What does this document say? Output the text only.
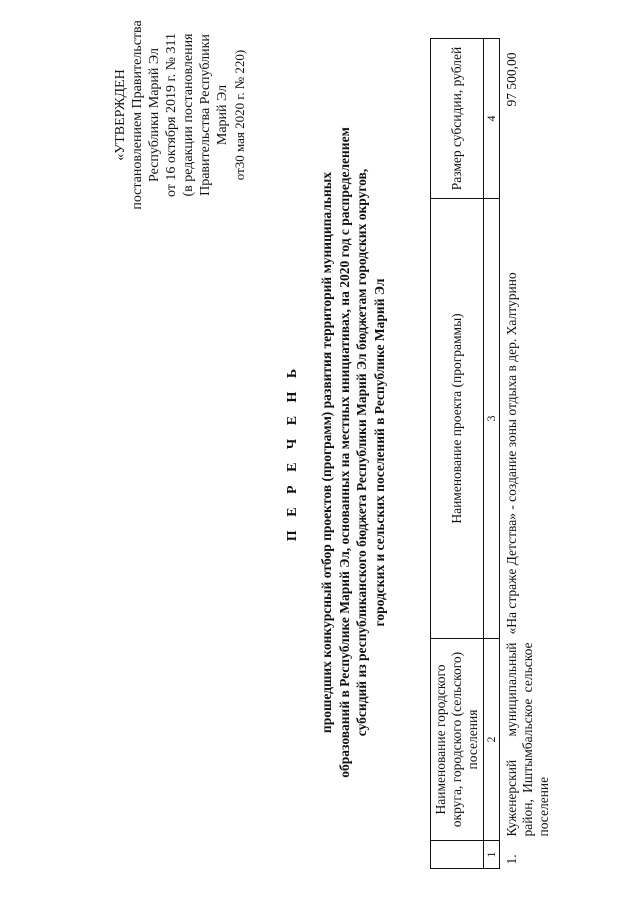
«УТВЕРЖДЕН постановлением Правительства Республики Марий Эл от 16 октября 2019 г. № 311 (в редакции постановления Правительства Республики Марий Эл от30 мая 2020 г. № 220)
П Е Р Е Ч Е Н Ь прошедших конкурсный отбор проектов (программ) развития территорий муниципальных образований в Республике Марий Эл, основанных на местных инициативах, на 2020 год с распределением субсидий из республиканского бюджета Республики Марий Эл бюджетам городских округов, городских и сельских поселений в Республике Марий Эл
	Наименование городского округа, городского (сельского) поселения	Наименование проекта (программы)	Размер субсидии, рублей
1	2	3	4
1.	Куженерский муниципальный район, Иштымбальское сельское поселение	«На страже Детства» - создание зоны отдыха в дер. Халтурино	97 500,00
